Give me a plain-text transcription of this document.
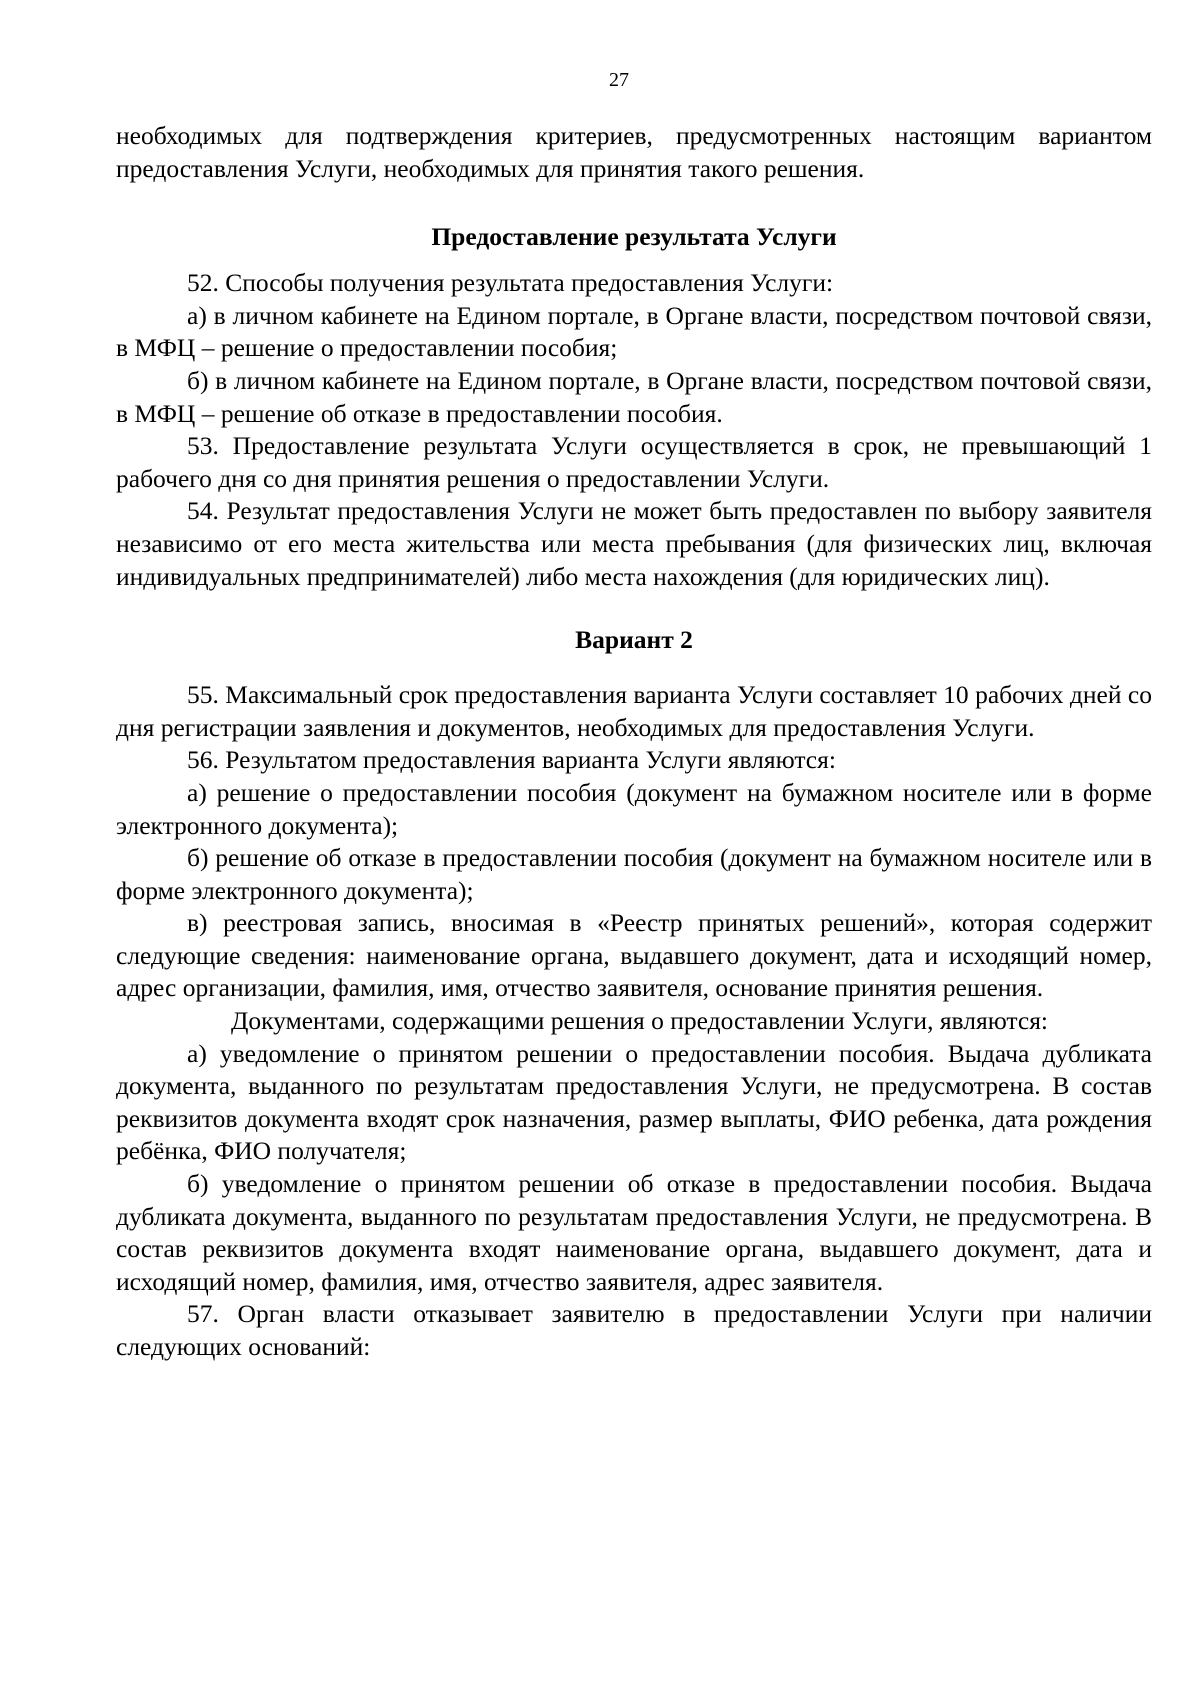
27

необходимых для подтверждения критериев, предусмотренных настоящим вариантом предоставления Услуги, необходимых для принятия такого решения.

Предоставление результата Услуги

52. Способы получения результата предоставления Услуги:

а) в личном кабинете на Едином портале, в Органе власти, посредством почтовой связи, в МФЦ – решение о предоставлении пособия;

б) в личном кабинете на Едином портале, в Органе власти, посредством почтовой связи, в МФЦ – решение об отказе в предоставлении пособия.

53. Предоставление результата Услуги осуществляется в срок, не превышающий 1 рабочего дня со дня принятия решения о предоставлении Услуги.

54. Результат предоставления Услуги не может быть предоставлен по выбору заявителя независимо от его места жительства или места пребывания (для физических лиц, включая индивидуальных предпринимателей) либо места нахождения (для юридических лиц).

Вариант 2

55. Максимальный срок предоставления варианта Услуги составляет 10 рабочих дней со дня регистрации заявления и документов, необходимых для предоставления Услуги.

56. Результатом предоставления варианта Услуги являются:

а) решение о предоставлении пособия (документ на бумажном носителе или в форме электронного документа);

б) решение об отказе в предоставлении пособия (документ на бумажном носителе или в форме электронного документа);

в) реестровая запись, вносимая в «Реестр принятых решений», которая содержит следующие сведения: наименование органа, выдавшего документ, дата и исходящий номер, адрес организации, фамилия, имя, отчество заявителя, основание принятия решения.

Документами, содержащими решения о предоставлении Услуги, являются:

а) уведомление о принятом решении о предоставлении пособия. Выдача дубликата документа, выданного по результатам предоставления Услуги, не предусмотрена. В состав реквизитов документа входят срок назначения, размер выплаты, ФИО ребенка, дата рождения ребёнка, ФИО получателя;

б) уведомление о принятом решении об отказе в предоставлении пособия. Выдача дубликата документа, выданного по результатам предоставления Услуги, не предусмотрена. В состав реквизитов документа входят наименование органа, выдавшего документ, дата и исходящий номер, фамилия, имя, отчество заявителя, адрес заявителя.

57. Орган власти отказывает заявителю в предоставлении Услуги при наличии следующих оснований:
